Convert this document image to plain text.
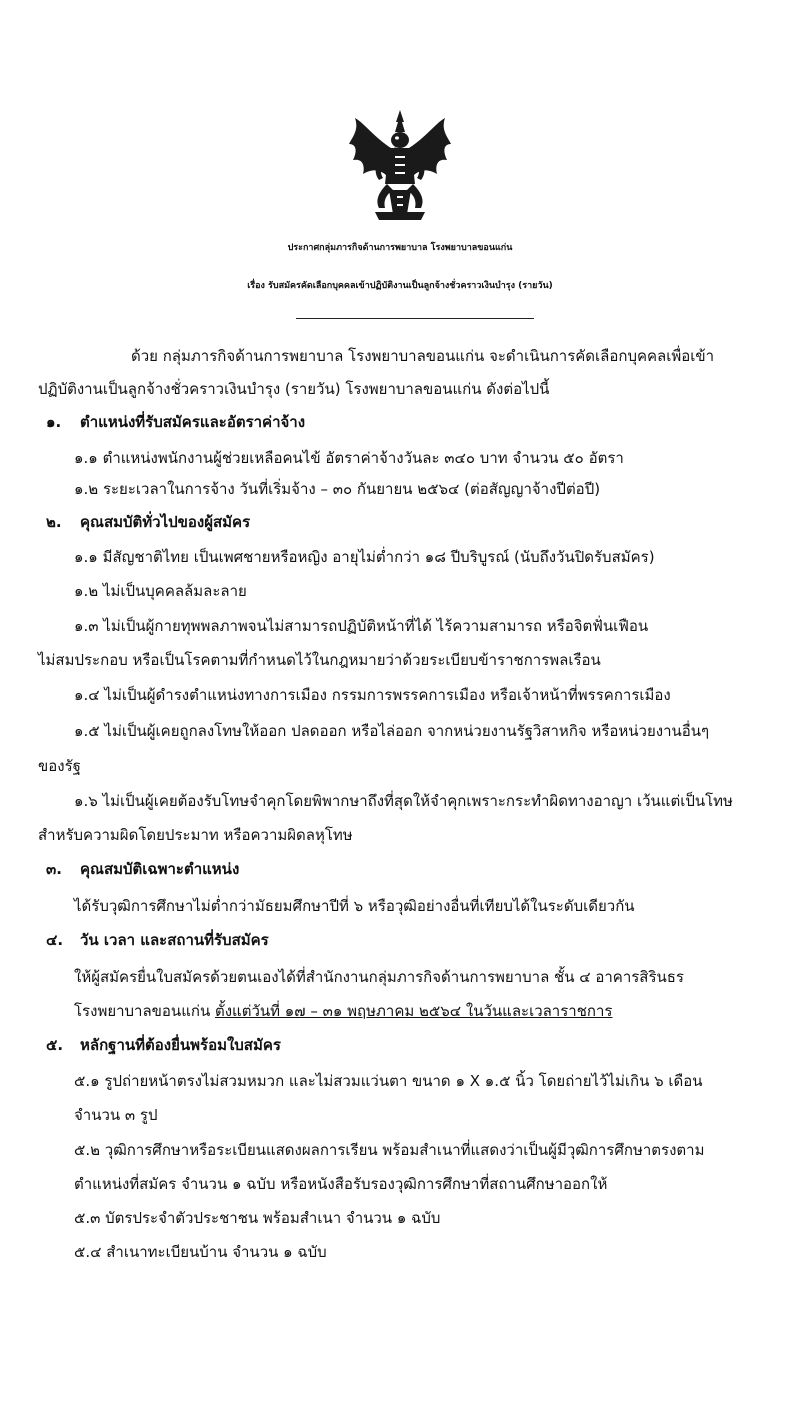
ประกาศกลุ่มภารกิจด้านการพยาบาล โรงพยาบาลขอนแก่น
เรื่อง รับสมัครคัดเลือกบุคคลเข้าปฏิบัติงานเป็นลูกจ้างชั่วคราวเงินบำรุง (รายวัน)
ด้วย กลุ่มภารกิจด้านการพยาบาล โรงพยาบาลขอนแก่น จะดำเนินการคัดเลือกบุคคลเพื่อเข้า
ปฏิบัติงานเป็นลูกจ้างชั่วคราวเงินบำรุง (รายวัน) โรงพยาบาลขอนแก่น ดังต่อไปนี้
๑. ตำแหน่งที่รับสมัครและอัตราค่าจ้าง
๑.๑ ตำแหน่งพนักงานผู้ช่วยเหลือคนไข้ อัตราค่าจ้างวันละ ๓๔๐ บาท จำนวน ๕๐ อัตรา
๑.๒ ระยะเวลาในการจ้าง วันที่เริ่มจ้าง – ๓๐ กันยายน ๒๕๖๔ (ต่อสัญญาจ้างปีต่อปี)
๒. คุณสมบัติทั่วไปของผู้สมัคร
๑.๑ มีสัญชาติไทย เป็นเพศชายหรือหญิง อายุไม่ต่ำกว่า ๑๘ ปีบริบูรณ์ (นับถึงวันปิดรับสมัคร)
๑.๒ ไม่เป็นบุคคลล้มละลาย
๑.๓ ไม่เป็นผู้กายทุพพลภาพจนไม่สามารถปฏิบัติหน้าที่ได้ ไร้ความสามารถ หรือจิตฟั่นเฟือน
ไม่สมประกอบ หรือเป็นโรคตามที่กำหนดไว้ในกฎหมายว่าด้วยระเบียบข้าราชการพลเรือน
๑.๔ ไม่เป็นผู้ดำรงตำแหน่งทางการเมือง กรรมการพรรคการเมือง หรือเจ้าหน้าที่พรรคการเมือง
๑.๕ ไม่เป็นผู้เคยถูกลงโทษให้ออก ปลดออก หรือไล่ออก จากหน่วยงานรัฐวิสาหกิจ หรือหน่วยงานอื่นๆ
ของรัฐ
๑.๖ ไม่เป็นผู้เคยต้องรับโทษจำคุกโดยพิพากษาถึงที่สุดให้จำคุกเพราะกระทำผิดทางอาญา เว้นแต่เป็นโทษ
สำหรับความผิดโดยประมาท หรือความผิดลหุโทษ
๓. คุณสมบัติเฉพาะตำแหน่ง
ได้รับวุฒิการศึกษาไม่ต่ำกว่ามัธยมศึกษาปีที่ ๖ หรือวุฒิอย่างอื่นที่เทียบได้ในระดับเดียวกัน
๔. วัน เวลา และสถานที่รับสมัคร
ให้ผู้สมัครยื่นใบสมัครด้วยตนเองได้ที่สำนักงานกลุ่มภารกิจด้านการพยาบาล ชั้น ๔ อาคารสิรินธร
โรงพยาบาลขอนแก่น ตั้งแต่วันที่ ๑๗ – ๓๑ พฤษภาคม ๒๕๖๔ ในวันและเวลาราชการ
๕. หลักฐานที่ต้องยื่นพร้อมใบสมัคร
๕.๑ รูปถ่ายหน้าตรงไม่สวมหมวก และไม่สวมแว่นตา ขนาด ๑ X ๑.๕ นิ้ว โดยถ่ายไว้ไม่เกิน ๖ เดือน
จำนวน ๓ รูป
๕.๒ วุฒิการศึกษาหรือระเบียนแสดงผลการเรียน พร้อมสำเนาที่แสดงว่าเป็นผู้มีวุฒิการศึกษาตรงตาม
ตำแหน่งที่สมัคร จำนวน ๑ ฉบับ หรือหนังสือรับรองวุฒิการศึกษาที่สถานศึกษาออกให้
๕.๓ บัตรประจำตัวประชาชน พร้อมสำเนา จำนวน ๑ ฉบับ
๕.๔ สำเนาทะเบียนบ้าน จำนวน ๑ ฉบับ
